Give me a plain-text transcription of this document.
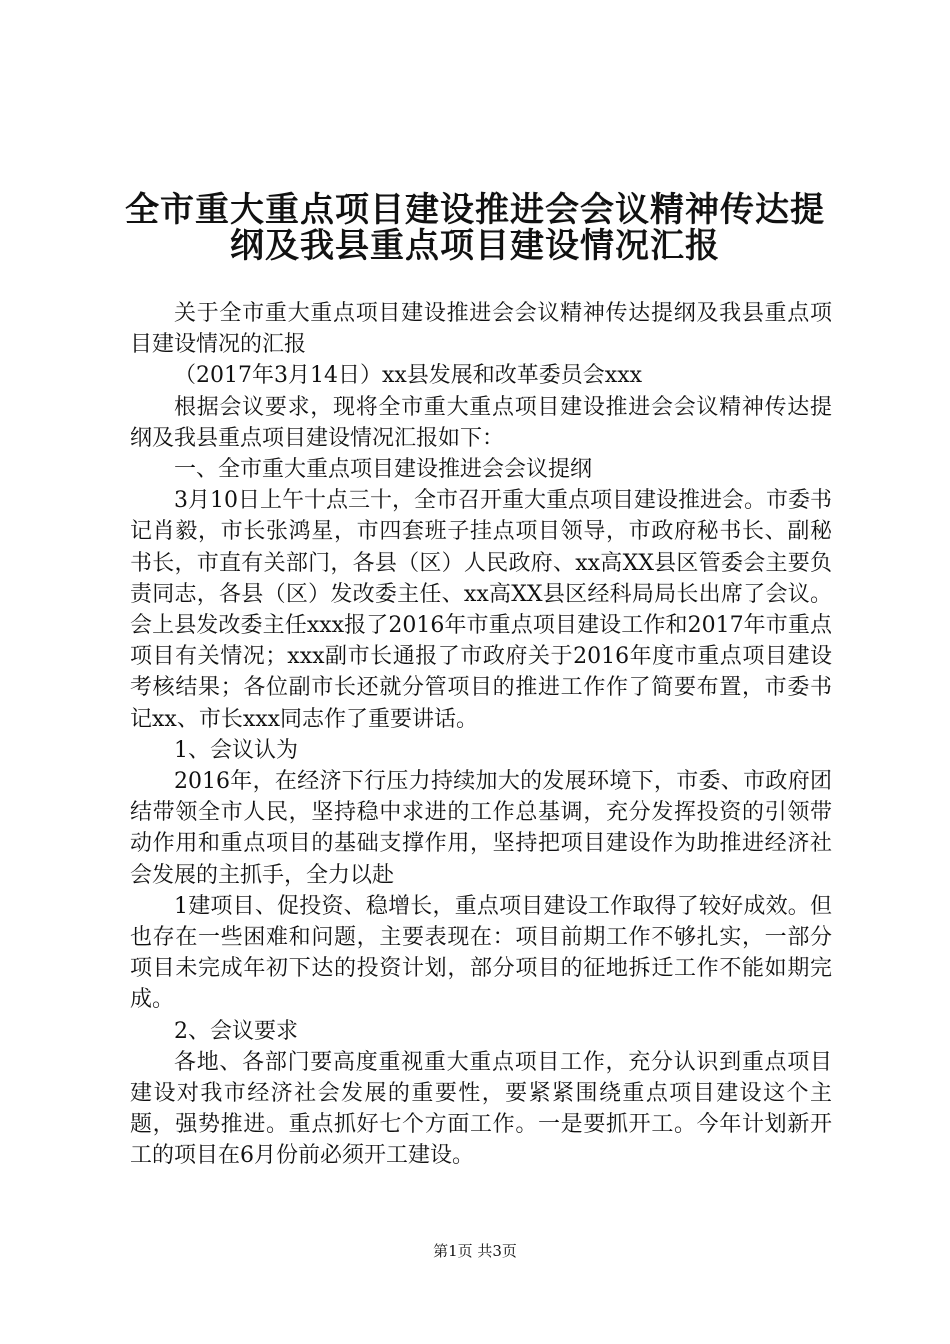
全市重大重点项目建设推进会会议精神传达提
纲及我县重点项目建设情况汇报

关于全市重大重点项目建设推进会会议精神传达提纲及我县重点项目建设情况的汇报

（2017年3月14日）xx县发展和改革委员会xxx

根据会议要求，现将全市重大重点项目建设推进会会议精神传达提纲及我县重点项目建设情况汇报如下：

一、全市重大重点项目建设推进会会议提纲

3月10日上午十点三十，全市召开重大重点项目建设推进会。市委书记肖毅，市长张鸿星，市四套班子挂点项目领导，市政府秘书长、副秘书长，市直有关部门，各县（区）人民政府、xx高XX县区管委会主要负责同志，各县（区）发改委主任、xx高XX县区经科局局长出席了会议。会上县发改委主任xxx报了2016年市重点项目建设工作和2017年市重点项目有关情况；xxx副市长通报了市政府关于2016年度市重点项目建设考核结果；各位副市长还就分管项目的推进工作作了简要布置，市委书记xx、市长xxx同志作了重要讲话。

1、会议认为

2016年，在经济下行压力持续加大的发展环境下，市委、市政府团结带领全市人民，坚持稳中求进的工作总基调，充分发挥投资的引领带动作用和重点项目的基础支撑作用，坚持把项目建设作为助推进经济社会发展的主抓手，全力以赴

1建项目、促投资、稳增长，重点项目建设工作取得了较好成效。但也存在一些困难和问题，主要表现在：项目前期工作不够扎实，一部分项目未完成年初下达的投资计划，部分项目的征地拆迁工作不能如期完成。

2、会议要求

各地、各部门要高度重视重大重点项目工作，充分认识到重点项目建设对我市经济社会发展的重要性，要紧紧围绕重点项目建设这个主题，强势推进。重点抓好七个方面工作。一是要抓开工。今年计划新开工的项目在6月份前必须开工建设。

第1页 共3页
